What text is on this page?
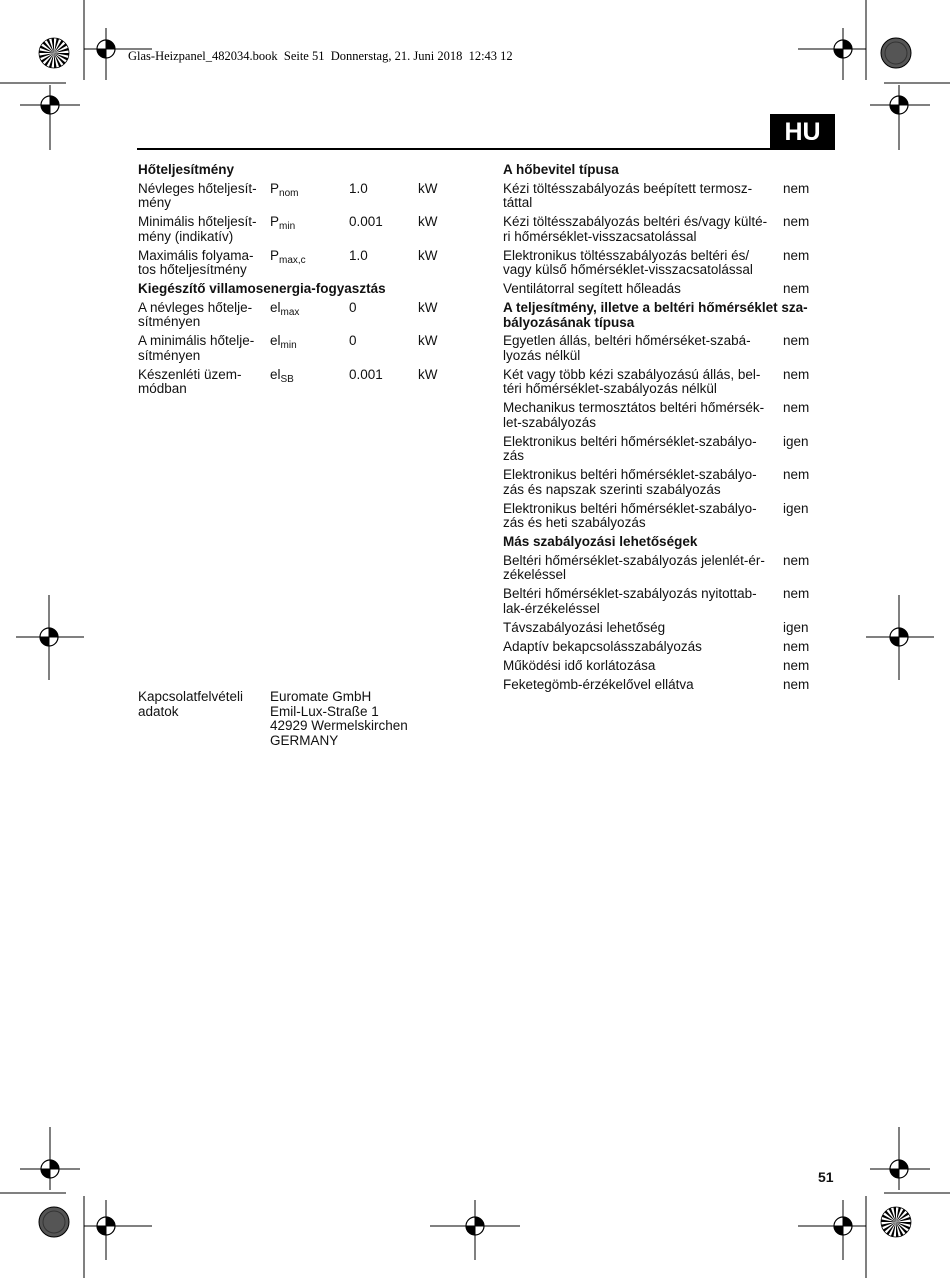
Glas-Heizpanel_482034.book  Seite 51  Donnerstag, 21. Juni 2018  12:43 12
HU
Hőteljesítmény
Névleges hőteljesít-
mény
$P_{nom}$	1.0	kW
Minimális hőteljesít-
mény (indikatív)
$P_{min}$	0.001	kW
Maximális folyama-
tos hőteljesítmény
$P_{max,c}$	1.0	kW
Kiegészítő villamosenergia-fogyasztás
A névleges hőtelje-
sítményen
$el_{max}$	0	kW
A minimális hőtelje-
sítményen
$el_{min}$	0	kW
Készenléti üzem-
módban
$el_{SB}$	0.001	kW
A hőbevitel típusa
Kézi töltésszabályozás beépített termosz-
táttal
nem
Kézi töltésszabályozás beltéri és/vagy külté-
ri hőmérséklet-visszacsatolással
nem
Elektronikus töltésszabályozás beltéri és/
vagy külső hőmérséklet-visszacsatolással
nem
Ventilátorral segített hőleadás	nem
A teljesítmény, illetve a beltéri hőmérséklet sza-
bályozásának típusa
Egyetlen állás, beltéri hőmérséket-szabá-
lyozás nélkül
nem
Két vagy több kézi szabályozású állás, bel-
téri hőmérséklet-szabályozás nélkül
nem
Mechanikus termosztátos beltéri hőmérsék-
let-szabályozás
nem
Elektronikus beltéri hőmérséklet-szabályo-
zás
igen
Elektronikus beltéri hőmérséklet-szabályo-
zás és napszak szerinti szabályozás
nem
Elektronikus beltéri hőmérséklet-szabályo-
zás és heti szabályozás
igen
Más szabályozási lehetőségek
Beltéri hőmérséklet-szabályozás jelenlét-ér-
zékeléssel
nem
Beltéri hőmérséklet-szabályozás nyitottab-
lak-érzékeléssel
nem
Távszabályozási lehetőség	igen
Adaptív bekapcsolásszabályozás	nem
Működési idő korlátozása	nem
Feketegömb-érzékelővel ellátva	nem
Kapcsolatfelvételi
adatok
Euromate GmbH
Emil-Lux-Straße 1
42929 Wermelskirchen
GERMANY
51
